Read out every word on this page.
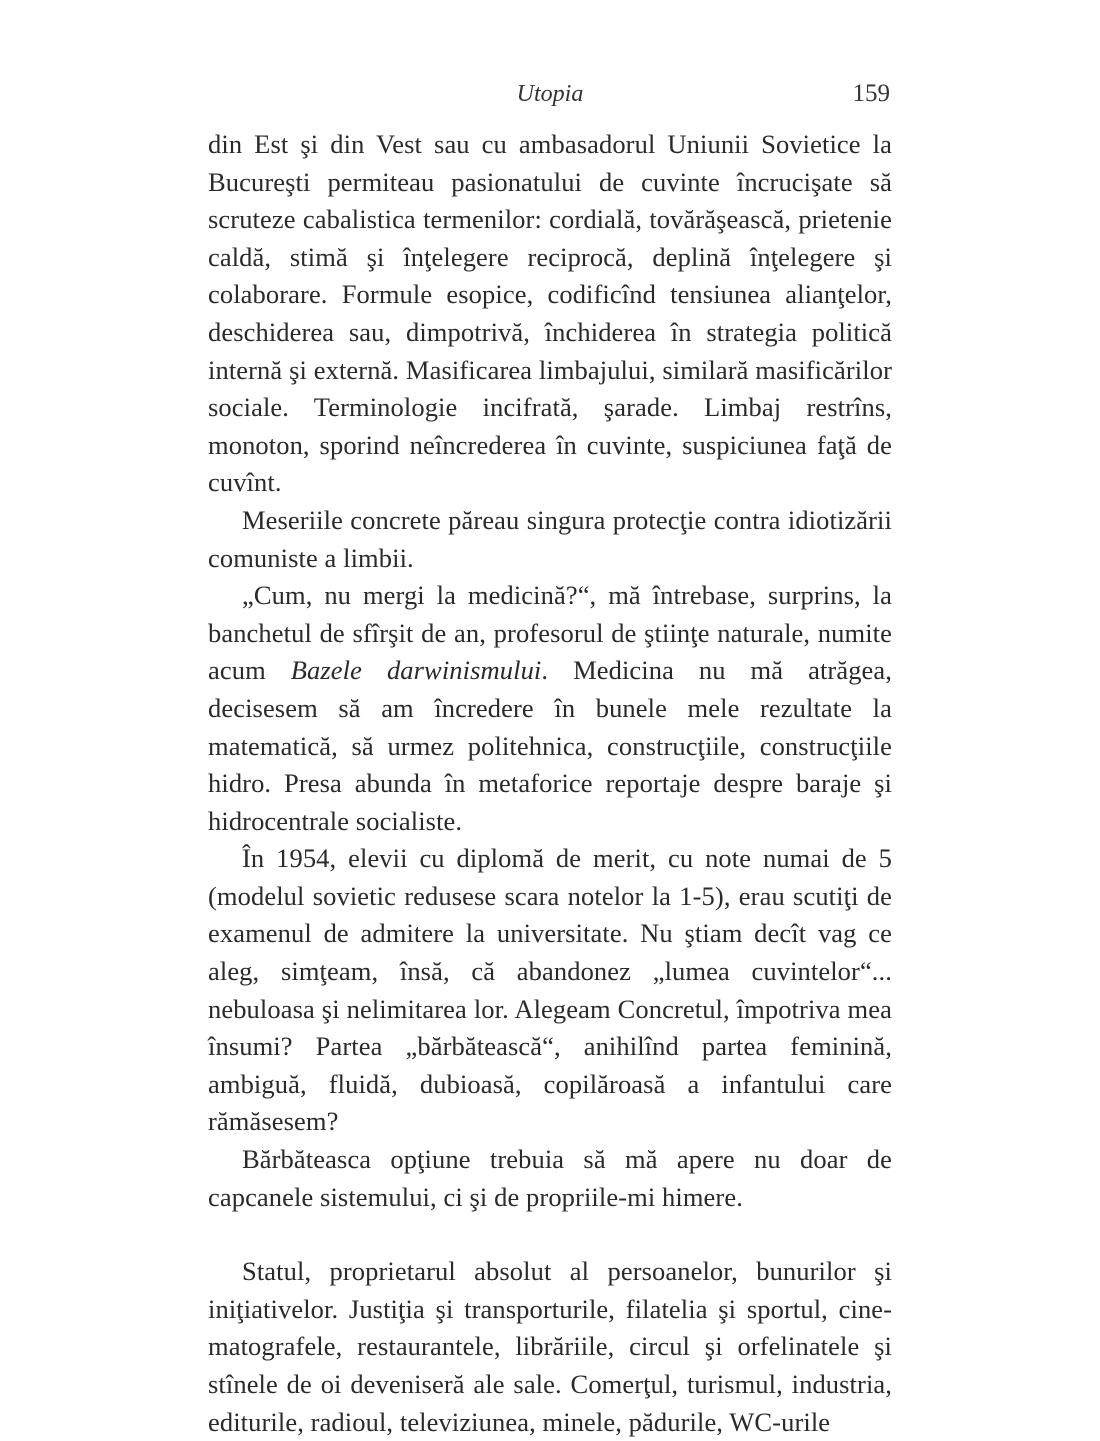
Utopia	159

din Est şi din Vest sau cu ambasadorul Uniunii Sovietice la Bucureşti permiteau pasionatului de cuvinte încrucişate să scruteze cabalistica termenilor: cordială, tovărăşească, prietenie caldă, stimă şi înţelegere reciprocă, deplină înţelegere şi colaborare. Formule esopice, codificînd tensiunea alianţelor, deschiderea sau, dimpotrivă, închiderea în strategia politică internă şi externă. Masificarea limbajului, similară masificărilor sociale. Terminologie incifrată, şarade. Limbaj restrîns, monoton, sporind neîncrederea în cuvinte, suspiciunea faţă de cuvînt.

Meseriile concrete păreau singura protecţie contra idiotizării comuniste a limbii.

„Cum, nu mergi la medicină?“, mă întrebase, surprins, la banchetul de sfîrşit de an, profesorul de ştiinţe naturale, numite acum Bazele darwinismului. Medicina nu mă atrăgea, decisesem să am încredere în bunele mele rezultate la matematică, să urmez politehnica, construcţiile, construcţiile hidro. Presa abunda în metaforice reportaje despre baraje şi hidrocentrale socialiste.

În 1954, elevii cu diplomă de merit, cu note numai de 5 (modelul sovietic redusese scara notelor la 1-5), erau scutiţi de examenul de admitere la universitate. Nu ştiam decît vag ce aleg, simţeam, însă, că abandonez „lumea cuvintelor“... nebuloasa şi nelimitarea lor. Alegeam Concretul, împotriva mea însumi? Partea „bărbătească“, anihilînd partea feminină, ambiguă, fluidă, dubioasă, copilăroasă a infantului care rămăsesem?

Bărbăteasca opţiune trebuia să mă apere nu doar de capcanele sistemului, ci şi de propriile-mi himere.

Statul, proprietarul absolut al persoanelor, bunurilor şi iniţiativelor. Justiţia şi transporturile, filatelia şi sportul, cinematografele, restaurantele, librăriile, circul şi orfelinatele şi stînele de oi deveniseră ale sale. Comerţul, turismul, industria, editurile, radioul, televiziunea, minele, pădurile, WC-urile
